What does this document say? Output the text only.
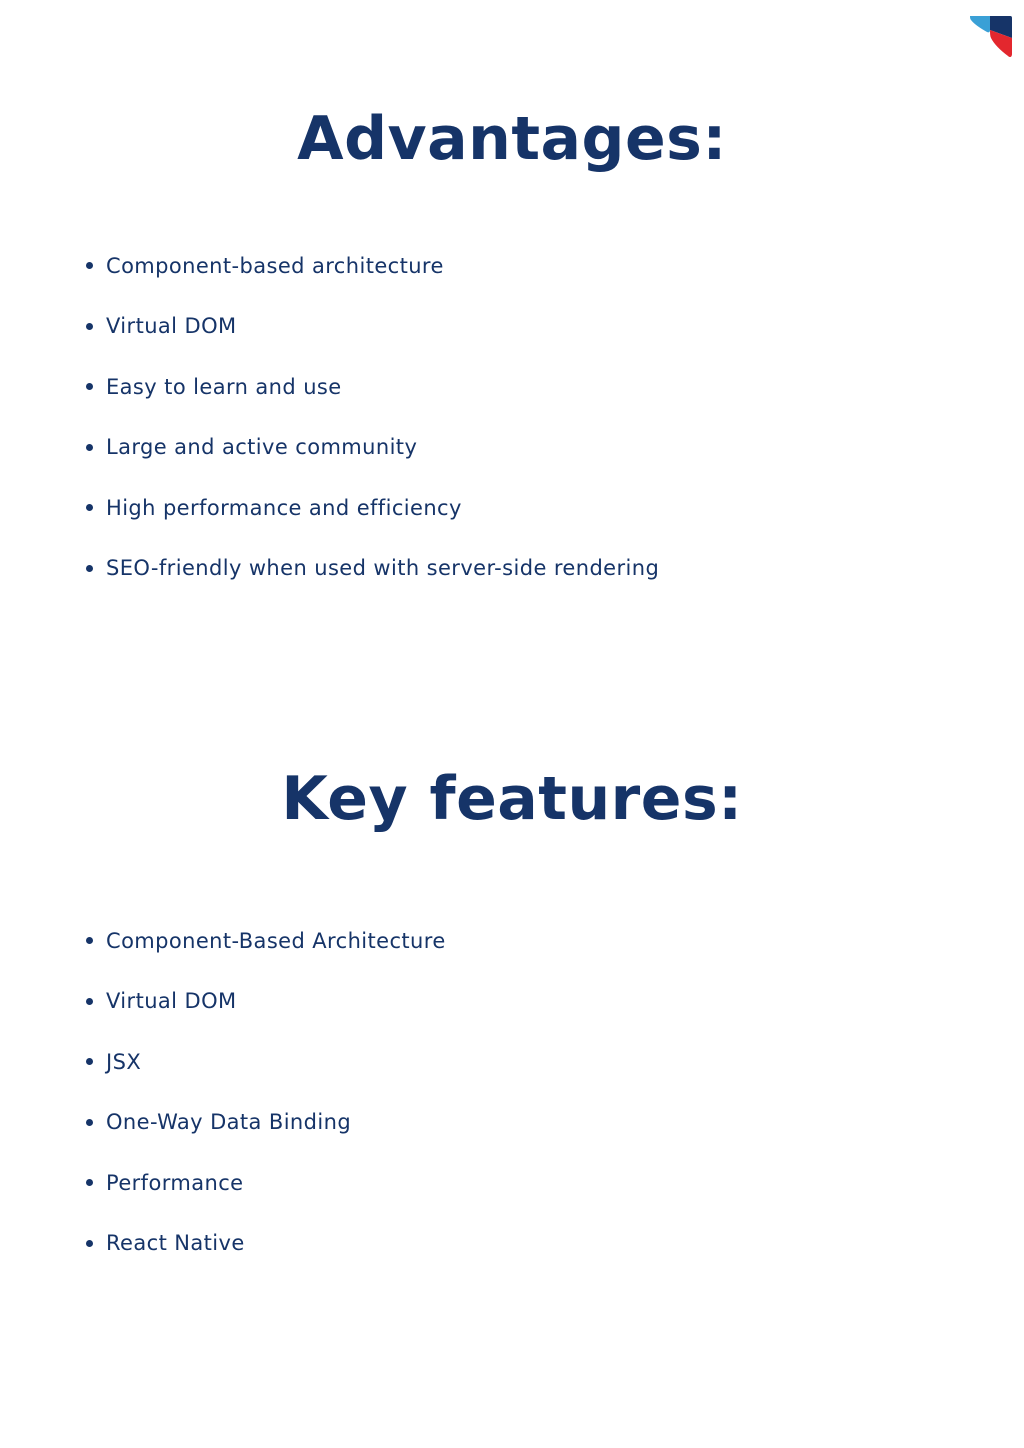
Advantages:
Component-based architecture
Virtual DOM
Easy to learn and use
Large and active community
High performance and efficiency
SEO-friendly when used with server-side rendering
Key features:
Component-Based Architecture
Virtual DOM
JSX
One-Way Data Binding
Performance
React Native
